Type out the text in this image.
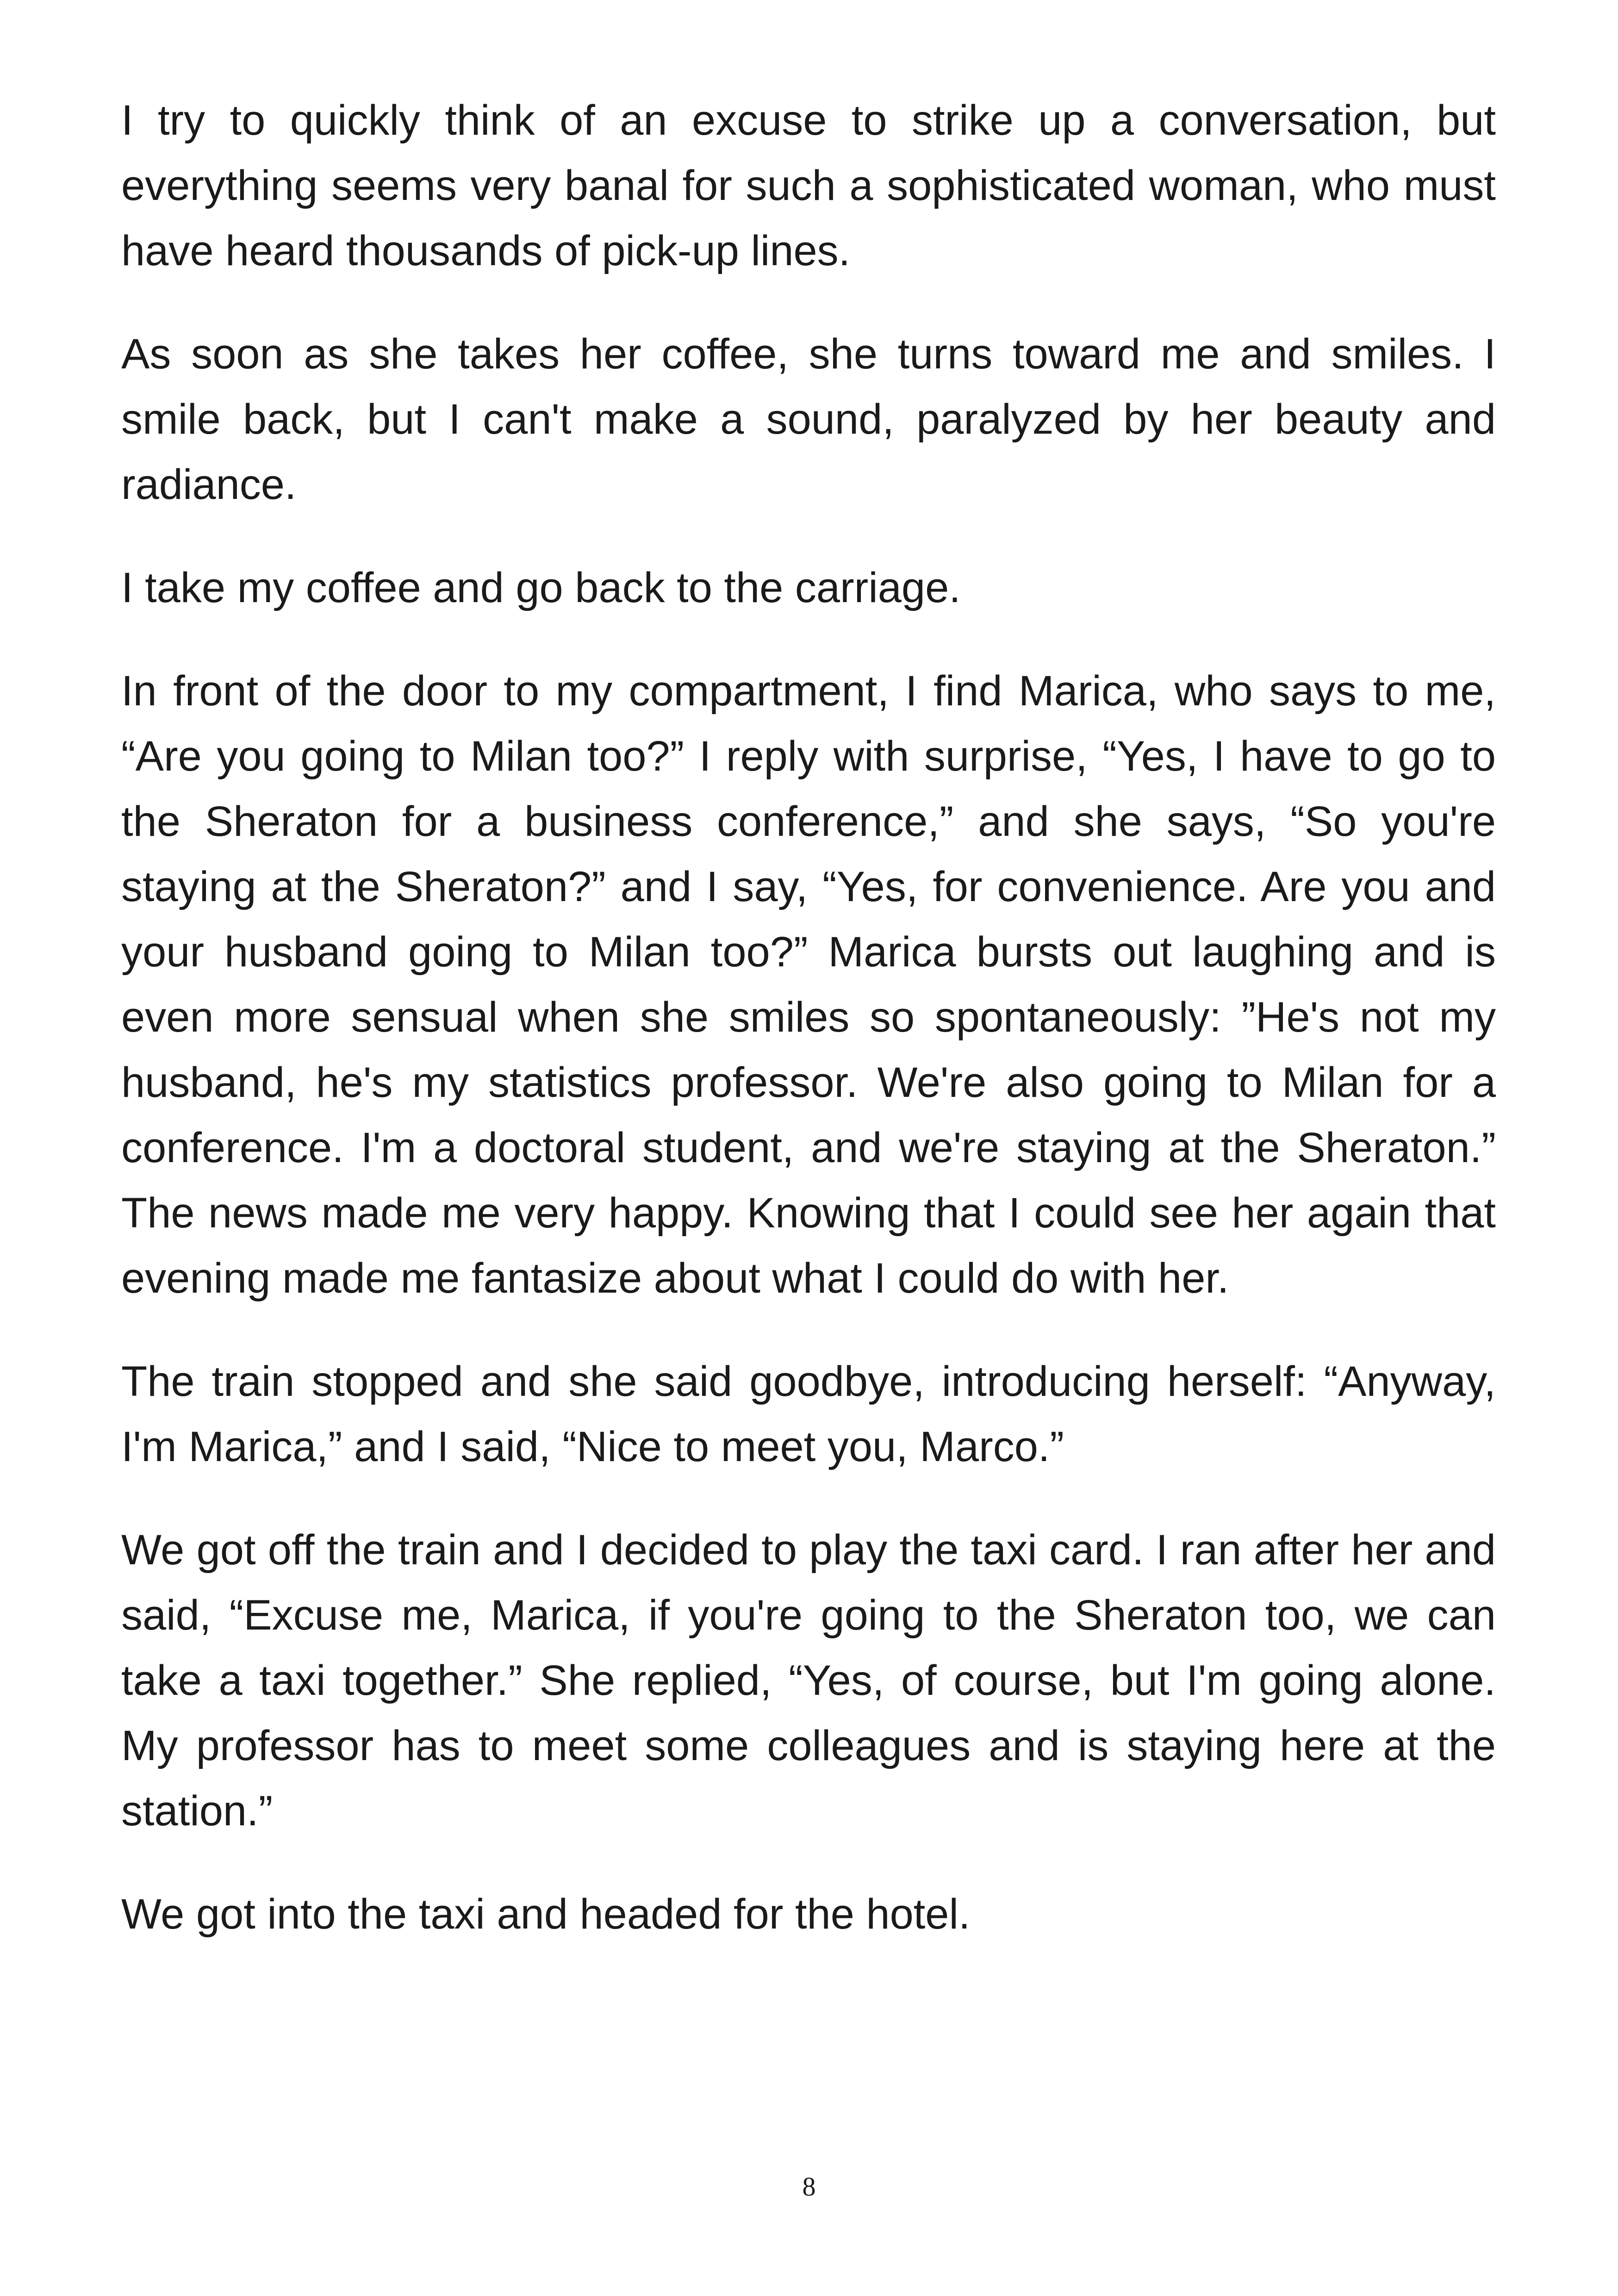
I try to quickly think of an excuse to strike up a conversation, but everything seems very banal for such a sophisticated woman, who must have heard thousands of pick-up lines.

As soon as she takes her coffee, she turns toward me and smiles. I smile back, but I can't make a sound, paralyzed by her beauty and radiance.

I take my coffee and go back to the carriage.

In front of the door to my compartment, I find Marica, who says to me, “Are you going to Milan too?” I reply with surprise, “Yes, I have to go to the Sheraton for a business conference,” and she says, “So you're staying at the Sheraton?” and I say, “Yes, for convenience. Are you and your husband going to Milan too?” Marica bursts out laughing and is even more sensual when she smiles so spontaneously: ”He's not my husband, he's my statistics professor. We're also going to Milan for a conference. I'm a doctoral student, and we're staying at the Sheraton.” The news made me very happy. Knowing that I could see her again that evening made me fantasize about what I could do with her.

The train stopped and she said goodbye, introducing herself: “Anyway, I'm Marica,” and I said, “Nice to meet you, Marco.”

We got off the train and I decided to play the taxi card. I ran after her and said, “Excuse me, Marica, if you're going to the Sheraton too, we can take a taxi together.” She replied, “Yes, of course, but I'm going alone. My professor has to meet some colleagues and is staying here at the station.”

We got into the taxi and headed for the hotel.

8
